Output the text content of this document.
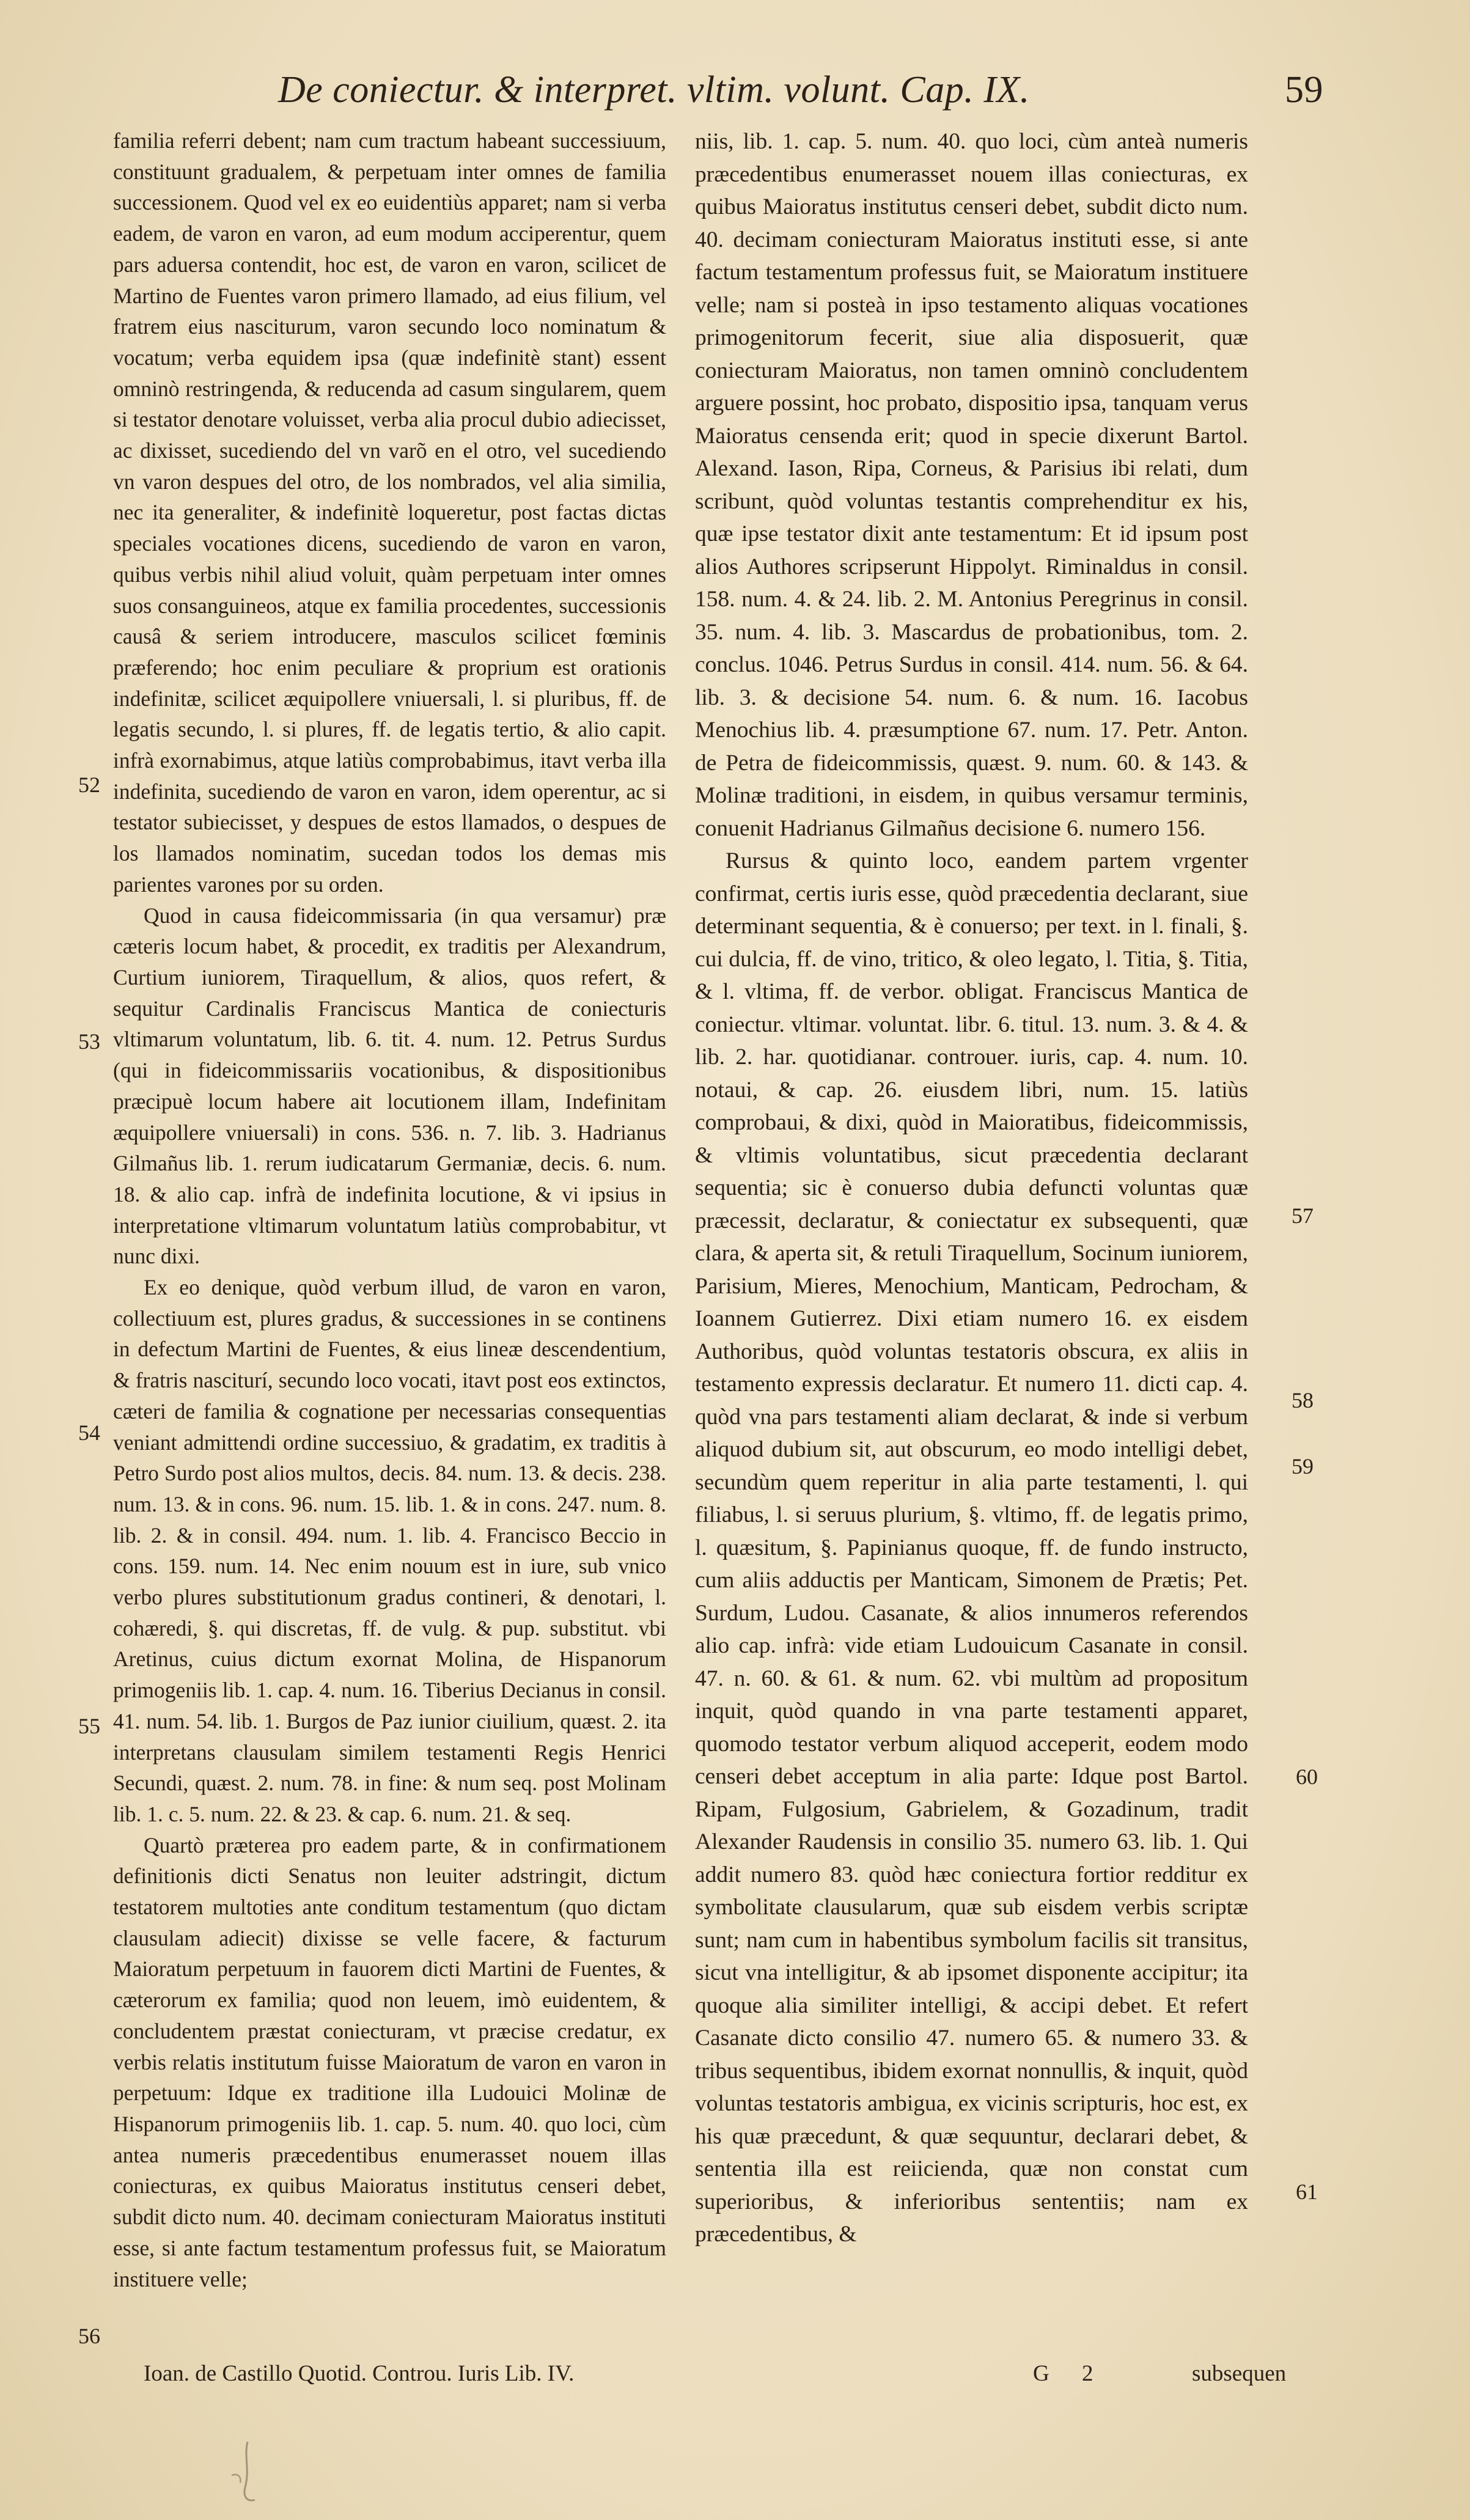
De coniectur. & interpret. vltim. volunt. Cap. IX.	59

familia referri debent; nam cum tractum habeant successiuum, constituunt gradualem, & perpetuam inter omnes de familia successionem. Quod vel ex eo euidentiùs apparet; nam si verba eadem, de varon en varon, ad eum modum acciperentur, quem pars aduersa contendit, hoc est, de varon en varon, scilicet de Martino de Fuentes varon primero llamado, ad eius filium, vel fratrem eius nasciturum, varon secundo loco nominatum & vocatum; verba equidem ipsa (quæ indefinitè stant) essent omninò restringenda, & reducenda ad casum singularem, quem si testator denotare voluisset, verba alia procul dubio adiecisset, ac dixisset, sucediendo del vn varõ en el otro, vel sucediendo vn varon despues del otro, de los nombrados, vel alia similia, nec ita generaliter, & indefinitè loqueretur, post factas dictas speciales vocationes dicens, sucediendo de varon en varon, quibus verbis nihil aliud voluit, quàm perpetuam inter omnes suos consanguineos, atque ex familia procedentes, successionis causâ & seriem introducere, masculos scilicet fœminis præferendo; hoc enim peculiare & proprium est orationis indefinitæ, scilicet æquipollere vniuersali, l. si pluribus, ff. de legatis secundo, l. si plures, ff. de legatis tertio, & alio capit. infrà exornabimus, atque latiùs comprobabimus, itavt verba illa indefinita, sucediendo de varon en varon, idem operentur, ac si testator subiecisset, y despues de estos llamados, o despues de los llamados nominatim, sucedan todos los demas mis parientes varones por su orden.

Quod in causa fideicommissaria (in qua versamur) præ cæteris locum habet, & procedit, ex traditis per Alexandrum, Curtium iuniorem, Tiraquellum, & alios, quos refert, & sequitur Cardinalis Franciscus Mantica de coniecturis vltimarum voluntatum, lib. 6. tit. 4. num. 12. Petrus Surdus (qui in fideicommissariis vocationibus, & dispositionibus præcipuè locum habere ait locutionem illam, Indefinitam æquipollere vniuersali) in cons. 536. n. 7. lib. 3. Hadrianus Gilmañus lib. 1. rerum iudicatarum Germaniæ, decis. 6. num. 18. & alio cap. infrà de indefinita locutione, & vi ipsius in interpretatione vltimarum voluntatum latiùs comprobabitur, vt nunc dixi.

Ex eo denique, quòd verbum illud, de varon en varon, collectiuum est, plures gradus, & successiones in se continens in defectum Martini de Fuentes, & eius lineæ descendentium, & fratris nasciturí, secundo loco vocati, itavt post eos extinctos, cæteri de familia & cognatione per necessarias consequentias veniant admittendi ordine successiuo, & gradatim, ex traditis à Petro Surdo post alios multos, decis. 84. num. 13. & decis. 238. num. 13. & in cons. 96. num. 15. lib. 1. & in cons. 247. num. 8. lib. 2. & in consil. 494. num. 1. lib. 4. Francisco Beccio in cons. 159. num. 14. Nec enim nouum est in iure, sub vnico verbo plures substitutionum gradus contineri, & denotari, l. cohæredi, §. qui discretas, ff. de vulg. & pup. substitut. vbi Aretinus, cuius dictum exornat Molina, de Hispanorum primogeniis lib. 1. cap. 4. num. 16. Tiberius Decianus in consil. 41. num. 54. lib. 1. Burgos de Paz iunior ciuilium, quæst. 2. ita interpretans clausulam similem testamenti Regis Henrici Secundi, quæst. 2. num. 78. in fine: & num seq. post Molinam lib. 1. c. 5. num. 22. & 23. & cap. 6. num. 21. & seq.

Quartò præterea pro eadem parte, & in confirmationem definitionis dicti Senatus non leuiter adstringit, dictum testatorem multoties ante conditum testamentum (quo dictam clausulam adiecit) dixisse se velle facere, & facturum Maioratum perpetuum in fauorem dicti Martini de Fuentes, & cæterorum ex familia; quod non leuem, imò euidentem, & concludentem præstat coniecturam, vt præcise credatur, ex verbis relatis institutum fuisse Maioratum de varon en varon in perpetuum: Idque ex traditione illa Ludouici Molinæ de Hispanorum primogeniis lib. 1. cap. 5. num. 40. quo loci, cùm antea numeris præcedentibus enumerasset nouem illas coniecturas, ex quibus Maioratus institutus censeri debet, subdit dicto num. 40. decimam coniecturam Maioratus instituti esse, si ante factum testamentum professus fuit, se Maioratum instituere velle;

niis, lib. 1. cap. 5. num. 40. quo loci, cùm anteà numeris præcedentibus enumerasset nouem illas coniecturas, ex quibus Maioratus institutus censeri debet, subdit dicto num. 40. decimam coniecturam Maioratus instituti esse, si ante factum testamentum professus fuit, se Maioratum instituere velle; nam si posteà in ipso testamento aliquas vocationes primogenitorum fecerit, siue alia disposuerit, quæ coniecturam Maioratus, non tamen omninò concludentem arguere possint, hoc probato, dispositio ipsa, tanquam verus Maioratus censenda erit; quod in specie dixerunt Bartol. Alexand. Iason, Ripa, Corneus, & Parisius ibi relati, dum scribunt, quòd voluntas testantis comprehenditur ex his, quæ ipse testator dixit ante testamentum: Et id ipsum post alios Authores scripserunt Hippolyt. Riminaldus in consil. 158. num. 4. & 24. lib. 2. M. Antonius Peregrinus in consil. 35. num. 4. lib. 3. Mascardus de probationibus, tom. 2. conclus. 1046. Petrus Surdus in consil. 414. num. 56. & 64. lib. 3. & decisione 54. num. 6. & num. 16. Iacobus Menochius lib. 4. præsumptione 67. num. 17. Petr. Anton. de Petra de fideicommissis, quæst. 9. num. 60. & 143. & Molinæ traditioni, in eisdem, in quibus versamur terminis, conuenit Hadrianus Gilmañus decisione 6. numero 156.

Rursus & quinto loco, eandem partem vrgenter confirmat, certis iuris esse, quòd præcedentia declarant, siue determinant sequentia, & è conuerso; per text. in l. finali, §. cui dulcia, ff. de vino, tritico, & oleo legato, l. Titia, §. Titia, & l. vltima, ff. de verbor. obligat. Franciscus Mantica de coniectur. vltimar. voluntat. libr. 6. titul. 13. num. 3. & 4. & lib. 2. har. quotidianar. controuer. iuris, cap. 4. num. 10. notaui, & cap. 26. eiusdem libri, num. 15. latiùs comprobaui, & dixi, quòd in Maioratibus, fideicommissis, & vltimis voluntatibus, sicut præcedentia declarant sequentia; sic è conuerso dubia defuncti voluntas quæ præcessit, declaratur, & coniectatur ex subsequenti, quæ clara, & aperta sit, & retuli Tiraquellum, Socinum iuniorem, Parisium, Mieres, Menochium, Manticam, Pedrocham, & Ioannem Gutierrez. Dixi etiam numero 16. ex eisdem Authoribus, quòd voluntas testatoris obscura, ex aliis in testamento expressis declaratur. Et numero 11. dicti cap. 4. quòd vna pars testamenti aliam declarat, & inde si verbum aliquod dubium sit, aut obscurum, eo modo intelligi debet, secundùm quem reperitur in alia parte testamenti, l. qui filiabus, l. si seruus plurium, §. vltimo, ff. de legatis primo, l. quæsitum, §. Papinianus quoque, ff. de fundo instructo, cum aliis adductis per Manticam, Simonem de Prætis; Pet. Surdum, Ludou. Casanate, & alios innumeros referendos alio cap. infrà: vide etiam Ludouicum Casanate in consil. 47. n. 60. & 61. & num. 62. vbi multùm ad propositum inquit, quòd quando in vna parte testamenti apparet, quomodo testator verbum aliquod acceperit, eodem modo censeri debet acceptum in alia parte: Idque post Bartol. Ripam, Fulgosium, Gabrielem, & Gozadinum, tradit Alexander Raudensis in consilio 35. numero 63. lib. 1. Qui addit numero 83. quòd hæc coniectura fortior redditur ex symbolitate clausularum, quæ sub eisdem verbis scriptæ sunt; nam cum in habentibus symbolum facilis sit transitus, sicut vna intelligitur, & ab ipsomet disponente accipitur; ita quoque alia similiter intelligi, & accipi debet. Et refert Casanate dicto consilio 47. numero 65. & numero 33. & tribus sequentibus, ibidem exornat nonnullis, & inquit, quòd voluntas testatoris ambigua, ex vicinis scripturis, hoc est, ex his quæ præcedunt, & quæ sequuntur, declarari debet, & sententia illa est reiicienda, quæ non constat cum superioribus, & inferioribus sententiis; nam ex præcedentibus, &

52
53
54
55
56
57
58
59
60
61
Ioan. de Castillo Quotid. Controu. Iuris Lib. IV.	G 2	subsequen
